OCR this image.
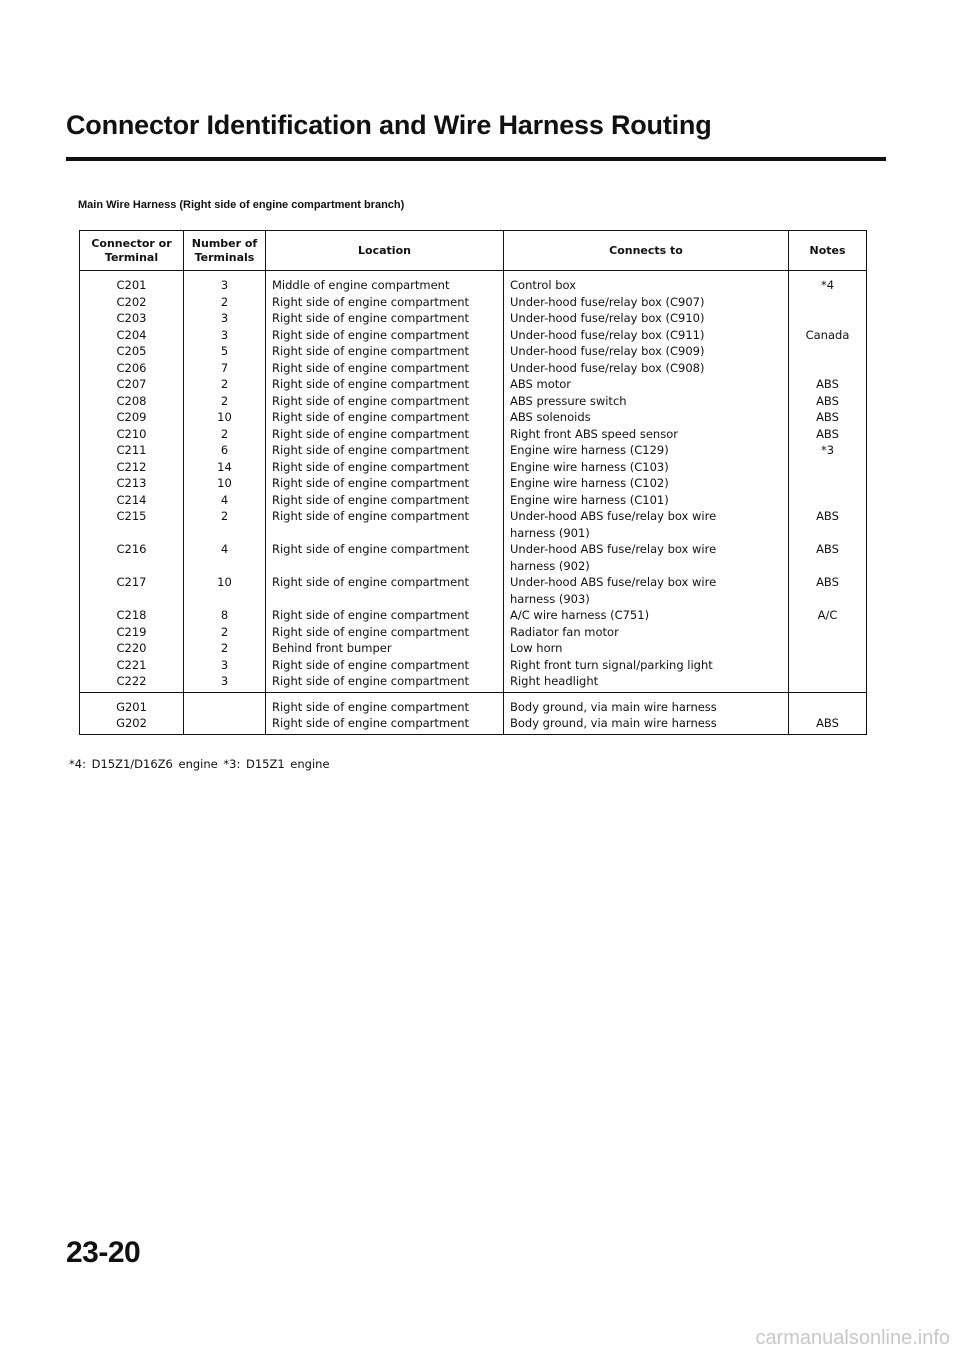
Connector Identification and Wire Harness Routing
Main Wire Harness (Right side of engine compartment branch)
Connector or Terminal	Number of Terminals	Location	Connects to	Notes
C201	3	Middle of engine compartment	Control box	*4
C202	2	Right side of engine compartment	Under-hood fuse/relay box (C907)	
C203	3	Right side of engine compartment	Under-hood fuse/relay box (C910)	
C204	3	Right side of engine compartment	Under-hood fuse/relay box (C911)	Canada
C205	5	Right side of engine compartment	Under-hood fuse/relay box (C909)	
C206	7	Right side of engine compartment	Under-hood fuse/relay box (C908)	
C207	2	Right side of engine compartment	ABS motor	ABS
C208	2	Right side of engine compartment	ABS pressure switch	ABS
C209	10	Right side of engine compartment	ABS solenoids	ABS
C210	2	Right side of engine compartment	Right front ABS speed sensor	ABS
C211	6	Right side of engine compartment	Engine wire harness (C129)	*3
C212	14	Right side of engine compartment	Engine wire harness (C103)	
C213	10	Right side of engine compartment	Engine wire harness (C102)	
C214	4	Right side of engine compartment	Engine wire harness (C101)	
C215	2	Right side of engine compartment	Under-hood ABS fuse/relay box wire	ABS
			harness (901)	
C216	4	Right side of engine compartment	Under-hood ABS fuse/relay box wire	ABS
			harness (902)	
C217	10	Right side of engine compartment	Under-hood ABS fuse/relay box wire	ABS
			harness (903)	
C218	8	Right side of engine compartment	A/C wire harness (C751)	A/C
C219	2	Right side of engine compartment	Radiator fan motor	
C220	2	Behind front bumper	Low horn	
C221	3	Right side of engine compartment	Right front turn signal/parking light	
C222	3	Right side of engine compartment	Right headlight	
G201		Right side of engine compartment	Body ground, via main wire harness	
G202		Right side of engine compartment	Body ground, via main wire harness	ABS
*4: D15Z1/D16Z6 engine *3: D15Z1 engine
23-20
carmanualsonline.info
